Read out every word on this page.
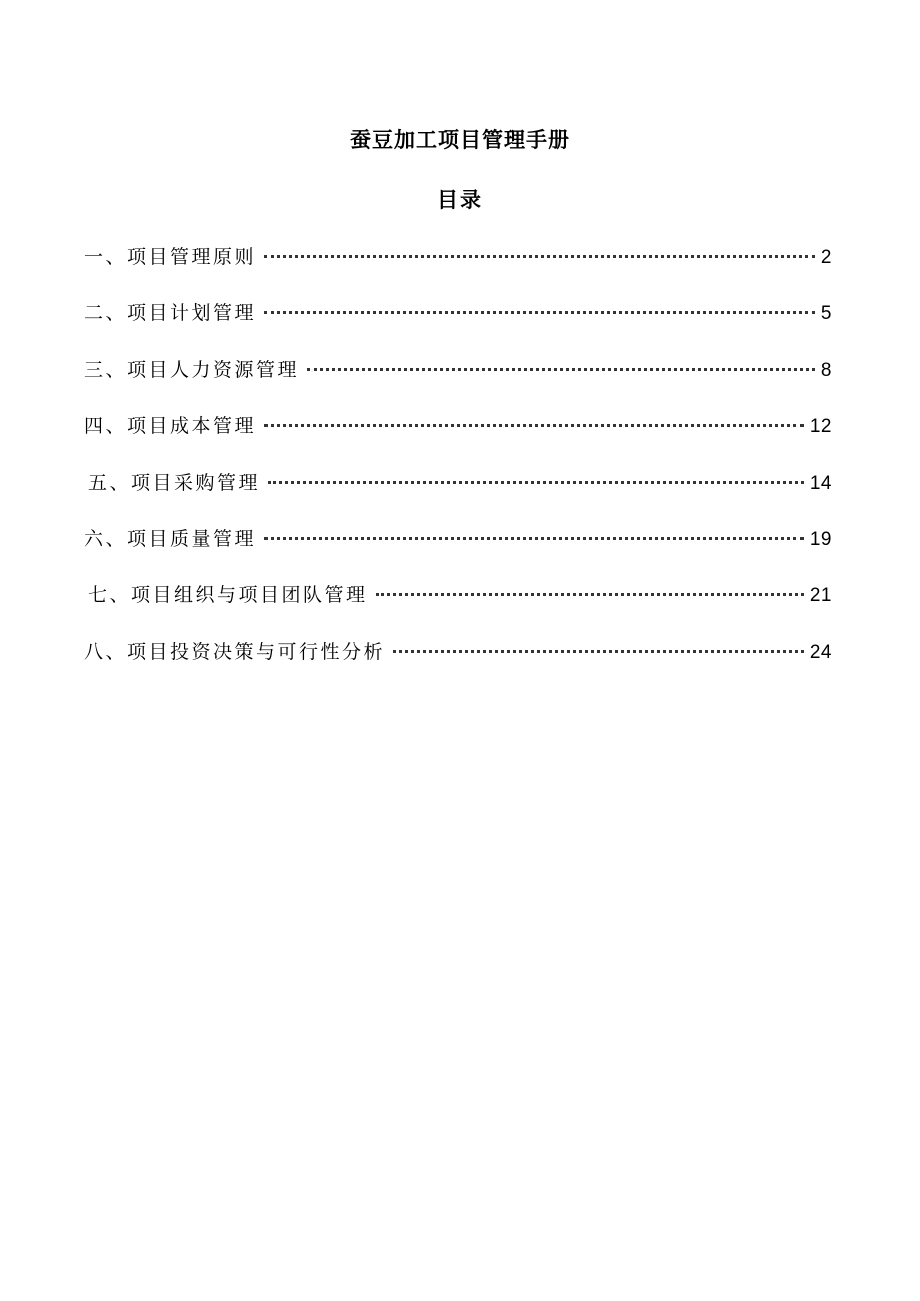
蚕豆加工项目管理手册
目录
一、项目管理原则	2
二、项目计划管理	5
三、项目人力资源管理	8
四、项目成本管理	12
五、项目采购管理	14
六、项目质量管理	19
七、项目组织与项目团队管理	21
八、项目投资决策与可行性分析	24
